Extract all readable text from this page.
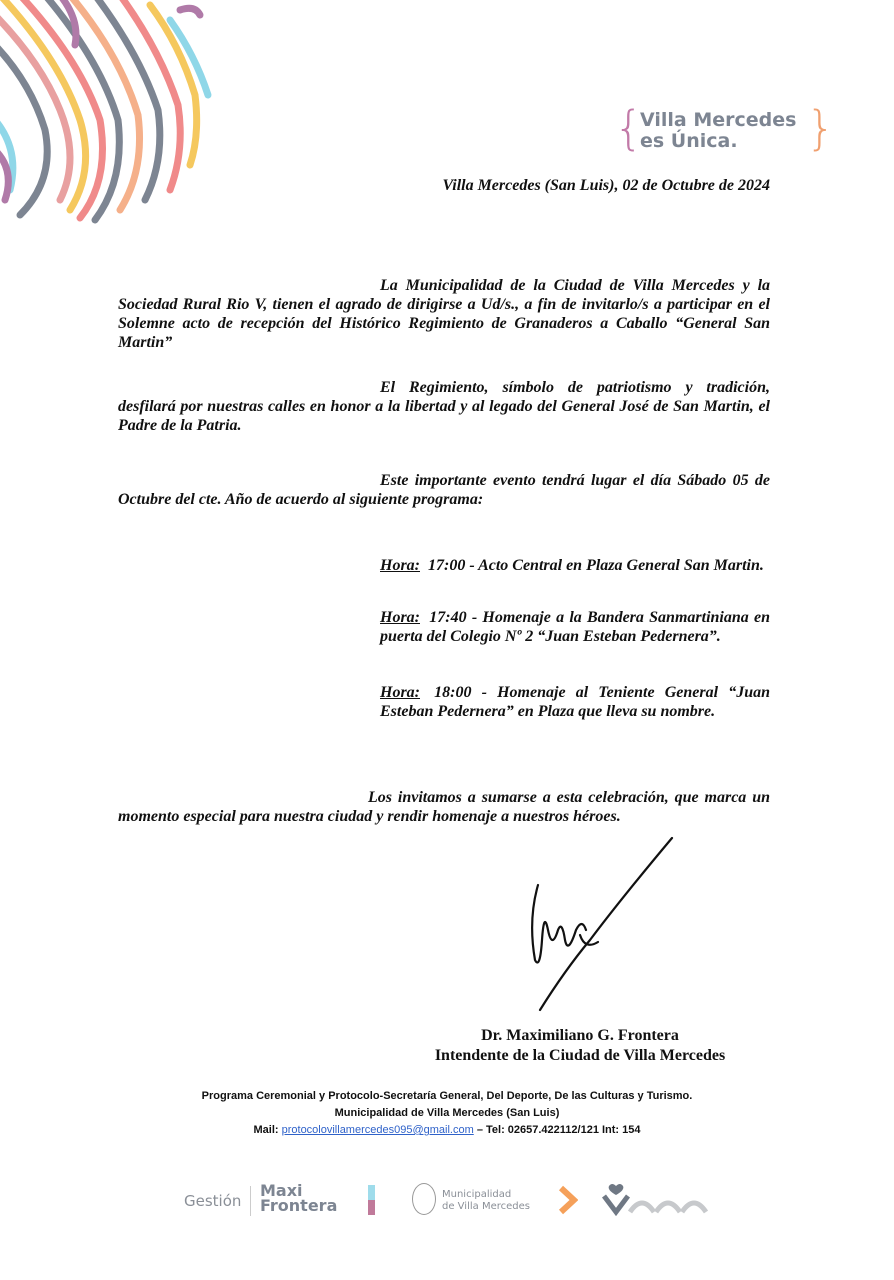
{
Villa Mercedes
es Única.	}
Villa Mercedes (San Luis), 02 de Octubre de 2024
La Municipalidad de la Ciudad de Villa Mercedes y la Sociedad Rural Rio V, tienen el agrado de dirigirse a Ud/s., a fin de invitarlo/s a participar en el Solemne acto de recepción del Histórico Regimiento de Granaderos a Caballo “General San Martin”
El Regimiento, símbolo de patriotismo y tradición, desfilará por nuestras calles en honor a la libertad y al legado del General José de San Martin, el Padre de la Patria.
Este importante evento tendrá lugar el día Sábado 05 de Octubre del cte. Año de acuerdo al siguiente programa:
Hora: 17:00 - Acto Central en Plaza General San Martin.
Hora: 17:40 - Homenaje a la Bandera Sanmartiniana en puerta del Colegio Nº 2 “Juan Esteban Pedernera”.
Hora: 18:00 - Homenaje al Teniente General “Juan Esteban Pedernera” en Plaza que lleva su nombre.
Los invitamos a sumarse a esta celebración, que marca un momento especial para nuestra ciudad y rendir homenaje a nuestros héroes.
Dr. Maximiliano G. Frontera
Intendente de la Ciudad de Villa Mercedes
Programa Ceremonial y Protocolo-Secretaría General, Del Deporte, De las Culturas y Turismo.
Municipalidad de Villa Mercedes (San Luis)
Mail: protocolovillamercedes095@gmail.com – Tel: 02657.422112/121 Int: 154
Gestión
Maxi
Frontera
Municipalidad
de Villa Mercedes
